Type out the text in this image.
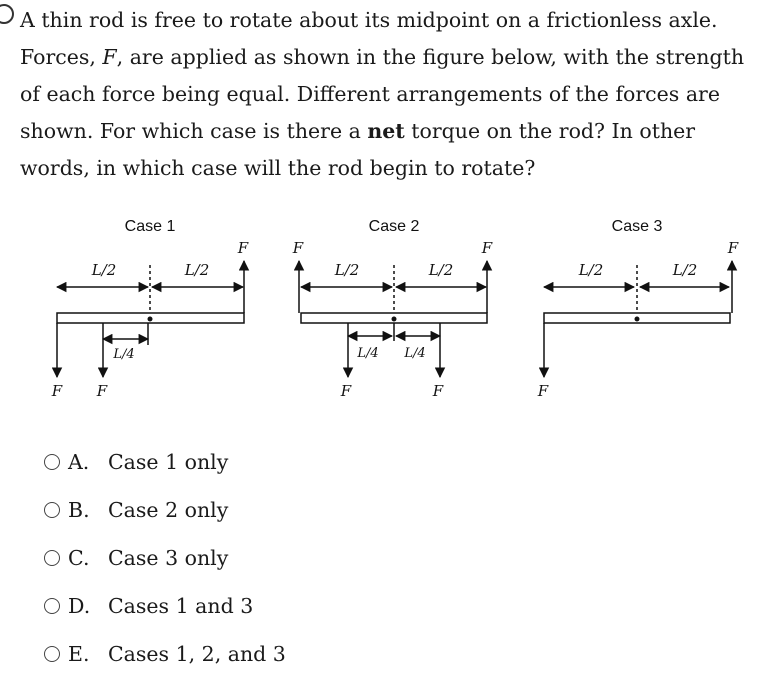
A thin rod is free to rotate about its midpoint on a frictionless axle. Forces, F, are applied as shown in the figure below, with the strength of each force being equal. Different arrangements of the forces are shown. For which case is there a net torque on the rod? In other words, in which case will the rod begin to rotate?

Case 1	Case 2	Case 3
L/2	L/2
F
F F
L/4
L/2	L/2
F	F
F	F
L/4 L/4
L/2	L/2
F
F
A. Case 1 only
B. Case 2 only
C. Case 3 only
D. Cases 1 and 3
E. Cases 1, 2, and 3
